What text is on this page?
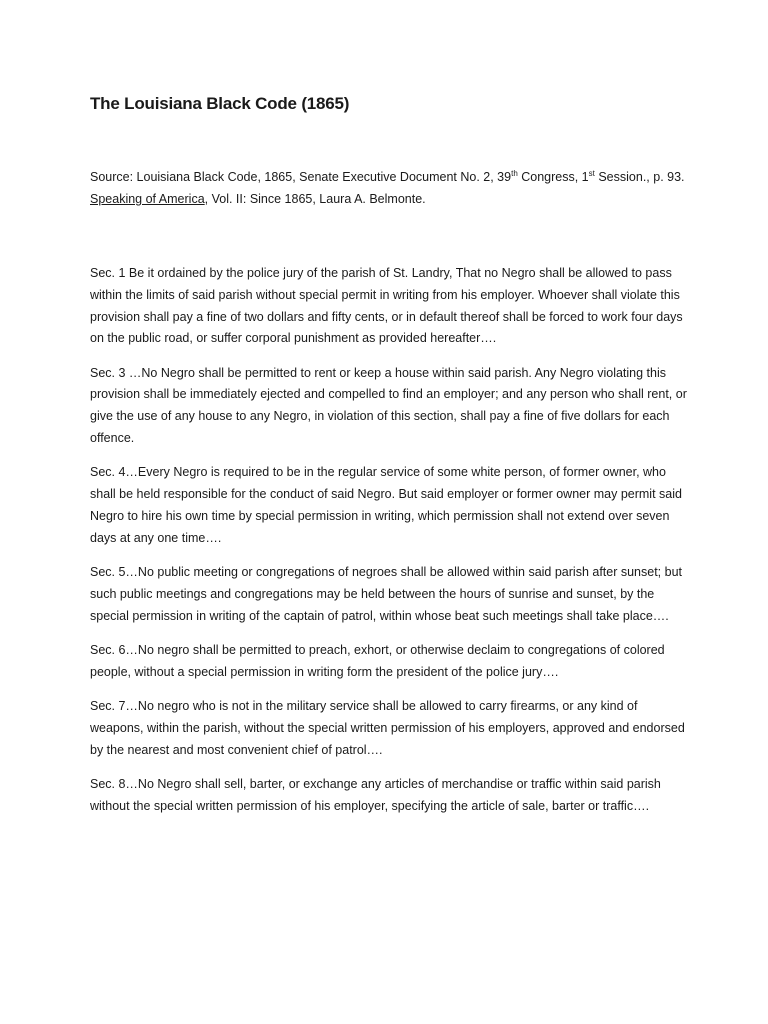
The Louisiana Black Code (1865)
Source: Louisiana Black Code, 1865, Senate Executive Document No. 2, 39th Congress, 1st Session., p. 93.
Speaking of America, Vol. II: Since 1865, Laura A. Belmonte.

Sec. 1 Be it ordained by the police jury of the parish of St. Landry, That no Negro shall be allowed to pass within the limits of said parish without special permit in writing from his employer. Whoever shall violate this provision shall pay a fine of two dollars and fifty cents, or in default thereof shall be forced to work four days on the public road, or suffer corporal punishment as provided hereafter….

Sec. 3 …No Negro shall be permitted to rent or keep a house within said parish. Any Negro violating this provision shall be immediately ejected and compelled to find an employer; and any person who shall rent, or give the use of any house to any Negro, in violation of this section, shall pay a fine of five dollars for each offence.

Sec. 4…Every Negro is required to be in the regular service of some white person, of former owner, who shall be held responsible for the conduct of said Negro. But said employer or former owner may permit said Negro to hire his own time by special permission in writing, which permission shall not extend over seven days at any one time….

Sec. 5…No public meeting or congregations of negroes shall be allowed within said parish after sunset; but such public meetings and congregations may be held between the hours of sunrise and sunset, by the special permission in writing of the captain of patrol, within whose beat such meetings shall take place….

Sec. 6…No negro shall be permitted to preach, exhort, or otherwise declaim to congregations of colored people, without a special permission in writing form the president of the police jury….

Sec. 7…No negro who is not in the military service shall be allowed to carry firearms, or any kind of weapons, within the parish, without the special written permission of his employers, approved and endorsed by the nearest and most convenient chief of patrol….

Sec. 8…No Negro shall sell, barter, or exchange any articles of merchandise or traffic within said parish without the special written permission of his employer, specifying the article of sale, barter or traffic….
